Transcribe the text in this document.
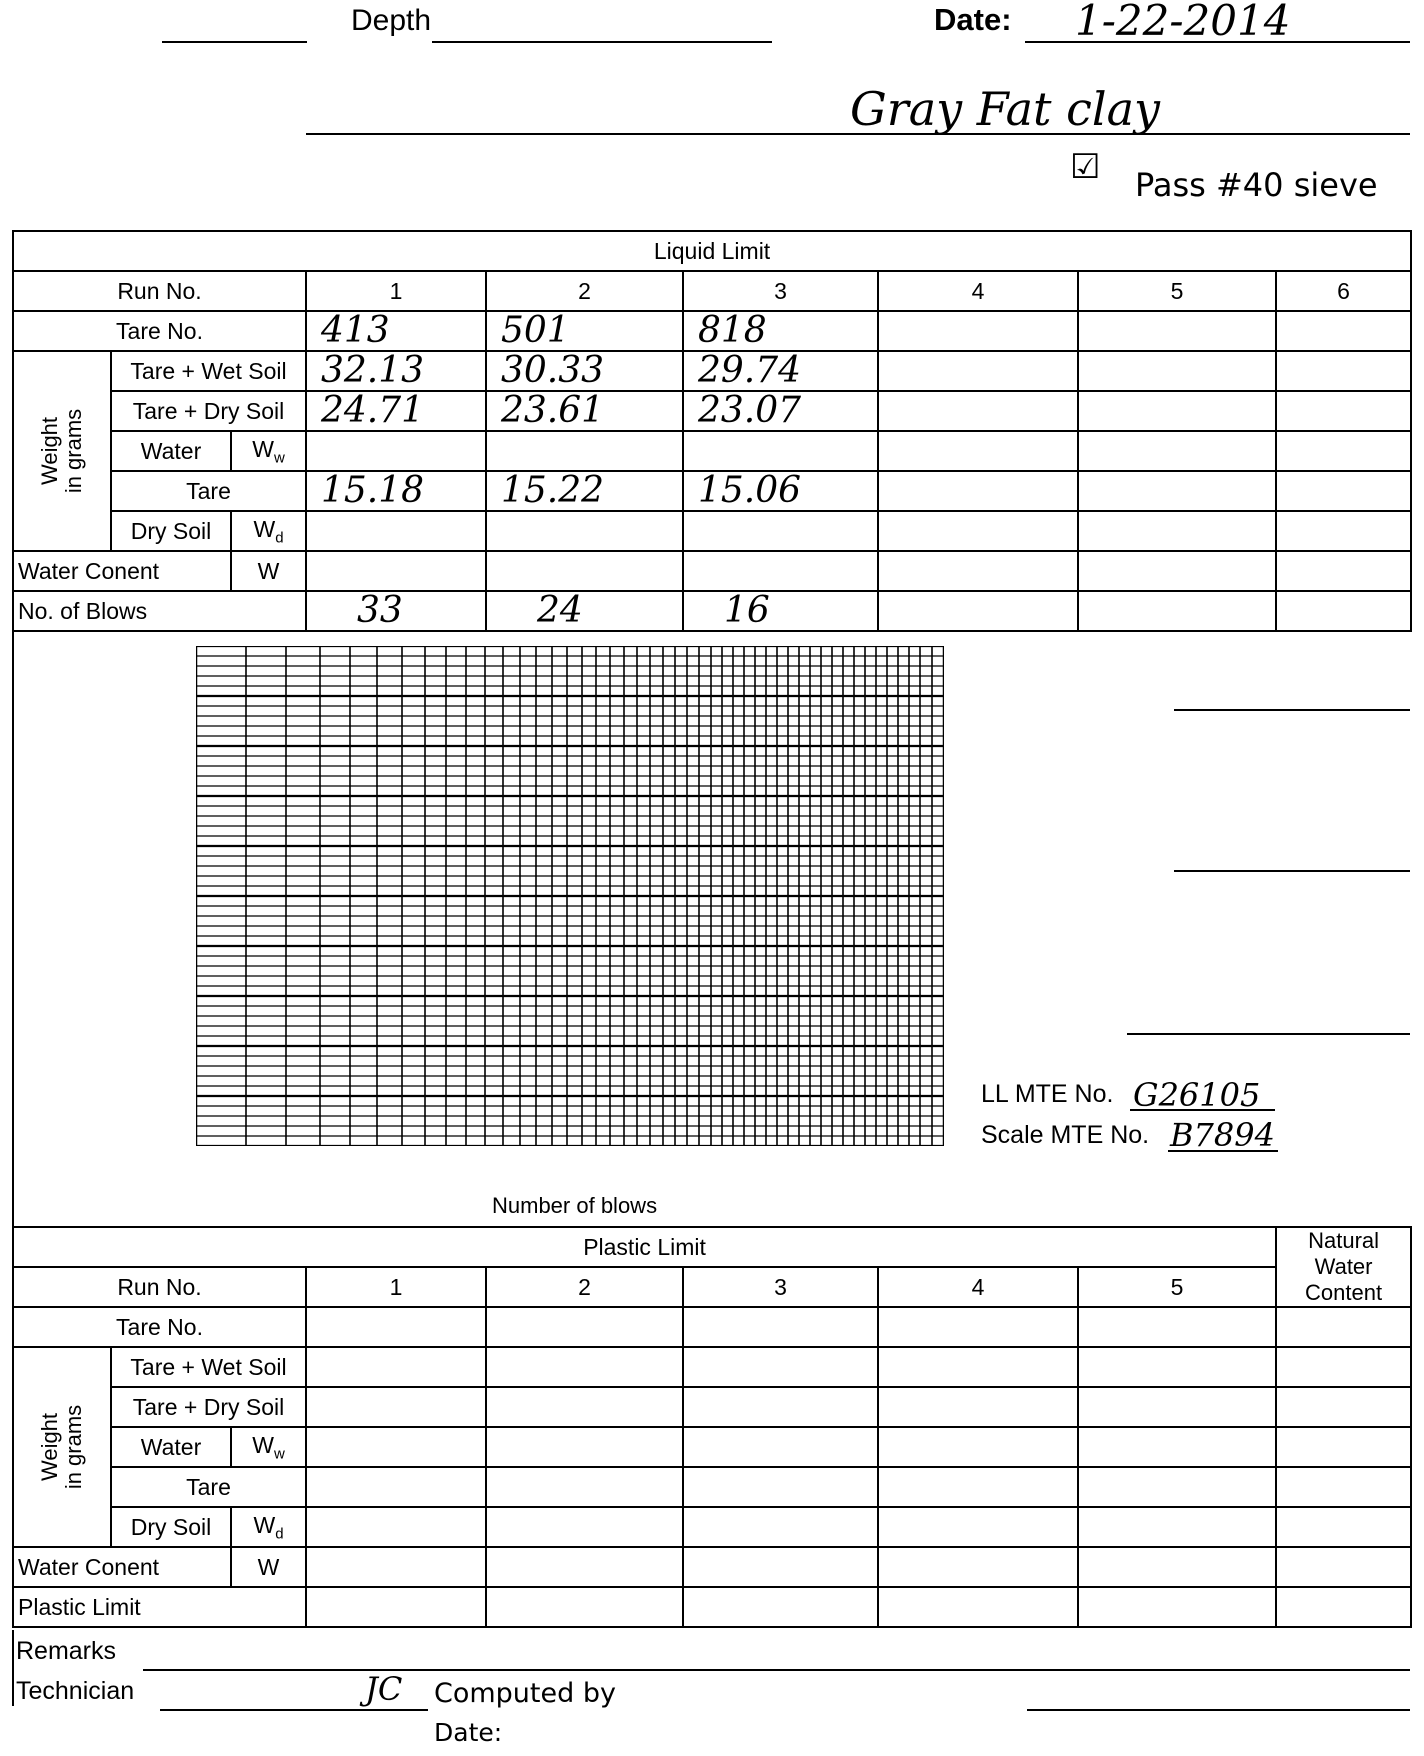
Depth	Date: 1-22-2014
Gray Fat clay
☑ Pass #40 sieve
Liquid Limit								
Run No.			1	2	3	4	5	6
Tare No.			413	501	818			
Weight
in grams	Tare + Wet Soil		32.13	30.33	29.74			
	Tare + Dry Soil		24.71	23.61	23.07			
	Water	$W_w$						
	Tare		15.18	15.22	15.06			
	Dry Soil	$W_d$						
Water Conent		W						
No. of Blows			33	24	16			
LL MTE No. G26105
Scale MTE No. B7894
Number of blows
Plastic Limit								Natural
Water
Content
Run No.			1	2	3	4	5	
Tare No.								
Weight
in grams	Tare + Wet Soil							
	Tare + Dry Soil							
	Water	$W_w$						
	Tare							
	Dry Soil	$W_d$						
Water Conent		W						
Plastic Limit								
Remarks
Technician	JC Computed by
Date:
